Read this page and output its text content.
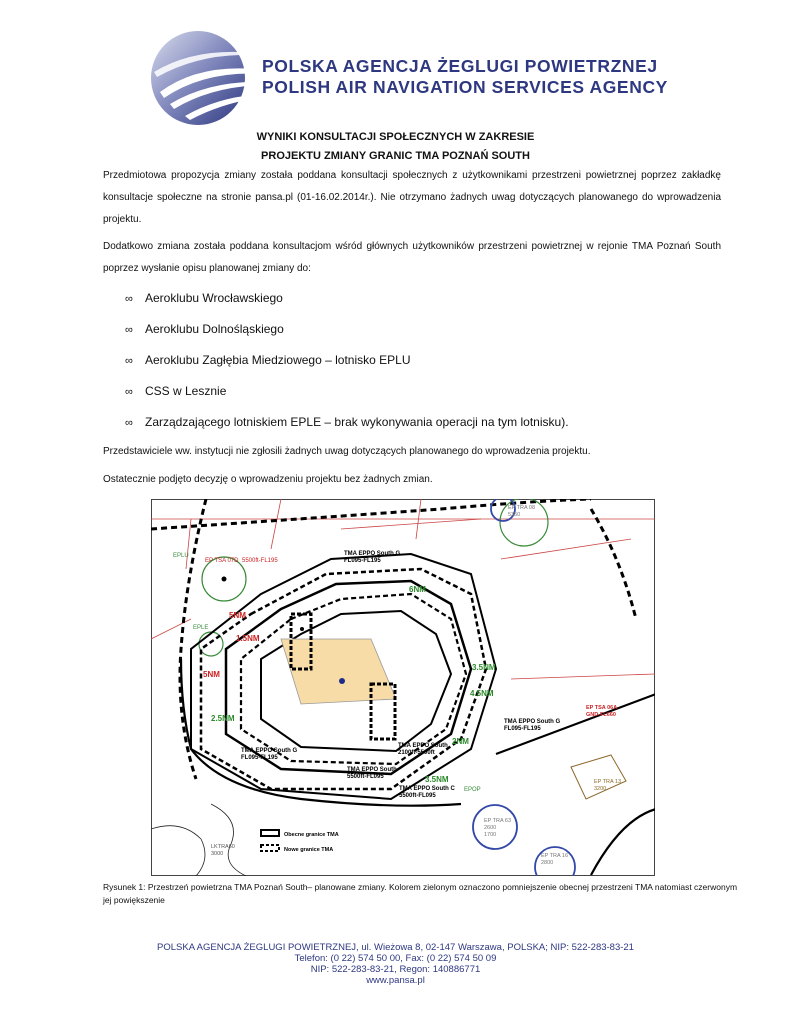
POLSKA AGENCJA ŻEGLUGI POWIETRZNEJ
POLISH AIR NAVIGATION SERVICES AGENCY
WYNIKI KONSULTACJI SPOŁECZNYCH W ZAKRESIE
PROJEKTU ZMIANY GRANIC TMA POZNAŃ SOUTH

Przedmiotowa propozycja zmiany została poddana konsultacji społecznych z użytkownikami przestrzeni powietrznej poprzez zakładkę konsultacje społeczne na stronie pansa.pl (01-16.02.2014r.). Nie otrzymano żadnych uwag dotyczących planowanego do wprowadzenia projektu.

Dodatkowo zmiana została poddana konsultacjom wśród głównych użytkowników przestrzeni powietrznej w rejonie TMA Poznań South poprzez wysłanie opisu planowanej zmiany do:

∞ Aeroklubu Wrocławskiego
∞ Aeroklubu Dolnośląskiego
∞ Aeroklubu Zagłębia Miedziowego – lotnisko EPLU
∞ CSS w Lesznie
∞ Zarządzającego lotniskiem EPLE – brak wykonywania operacji na tym lotnisku).

Przedstawiciele ww. instytucji nie zgłosili żadnych uwag dotyczących planowanego do wprowadzenia projektu.

Ostatecznie podjęto decyzję o wprowadzeniu projektu bez żadnych zmian.

EP TSA 07D 5500ft-FL195
EPLU
EPLE
EPOP
TMA EPPO South G
FL095-FL195
TMA EPPO South G
FL095-FL195
TMA EPPO South G
FL095-FL195
TMA EPPO South
2100ft-5500ft
TMA EPPO South
5500ft-FL095
TMA EPPO South C
5500ft-FL095
EP TRA 08
5350
EP TSA 06A
GND-FL660
EP TRA 13
3200
EP TRA 63
2600
1700
EP TRA 16
2800
LKTRA60
3000
6NM
3.5NM
4.5NM
2NM
3.5NM
2.5NM
5NM
1.5NM
5NM
Obecne granice TMA
Nowe granice TMA
Rysunek 1: Przestrzeń powietrzna TMA Poznań South– planowane zmiany. Kolorem zielonym oznaczono pomniejszenie obecnej przestrzeni TMA natomiast czerwonym jej powiększenie
POLSKA AGENCJA ŻEGLUGI POWIETRZNEJ, ul. Wieżowa 8, 02-147 Warszawa, POLSKA; NIP: 522-283-83-21
Telefon: (0 22) 574 50 00, Fax: (0 22) 574 50 09
NIP: 522-283-83-21, Regon: 140886771
www.pansa.pl
